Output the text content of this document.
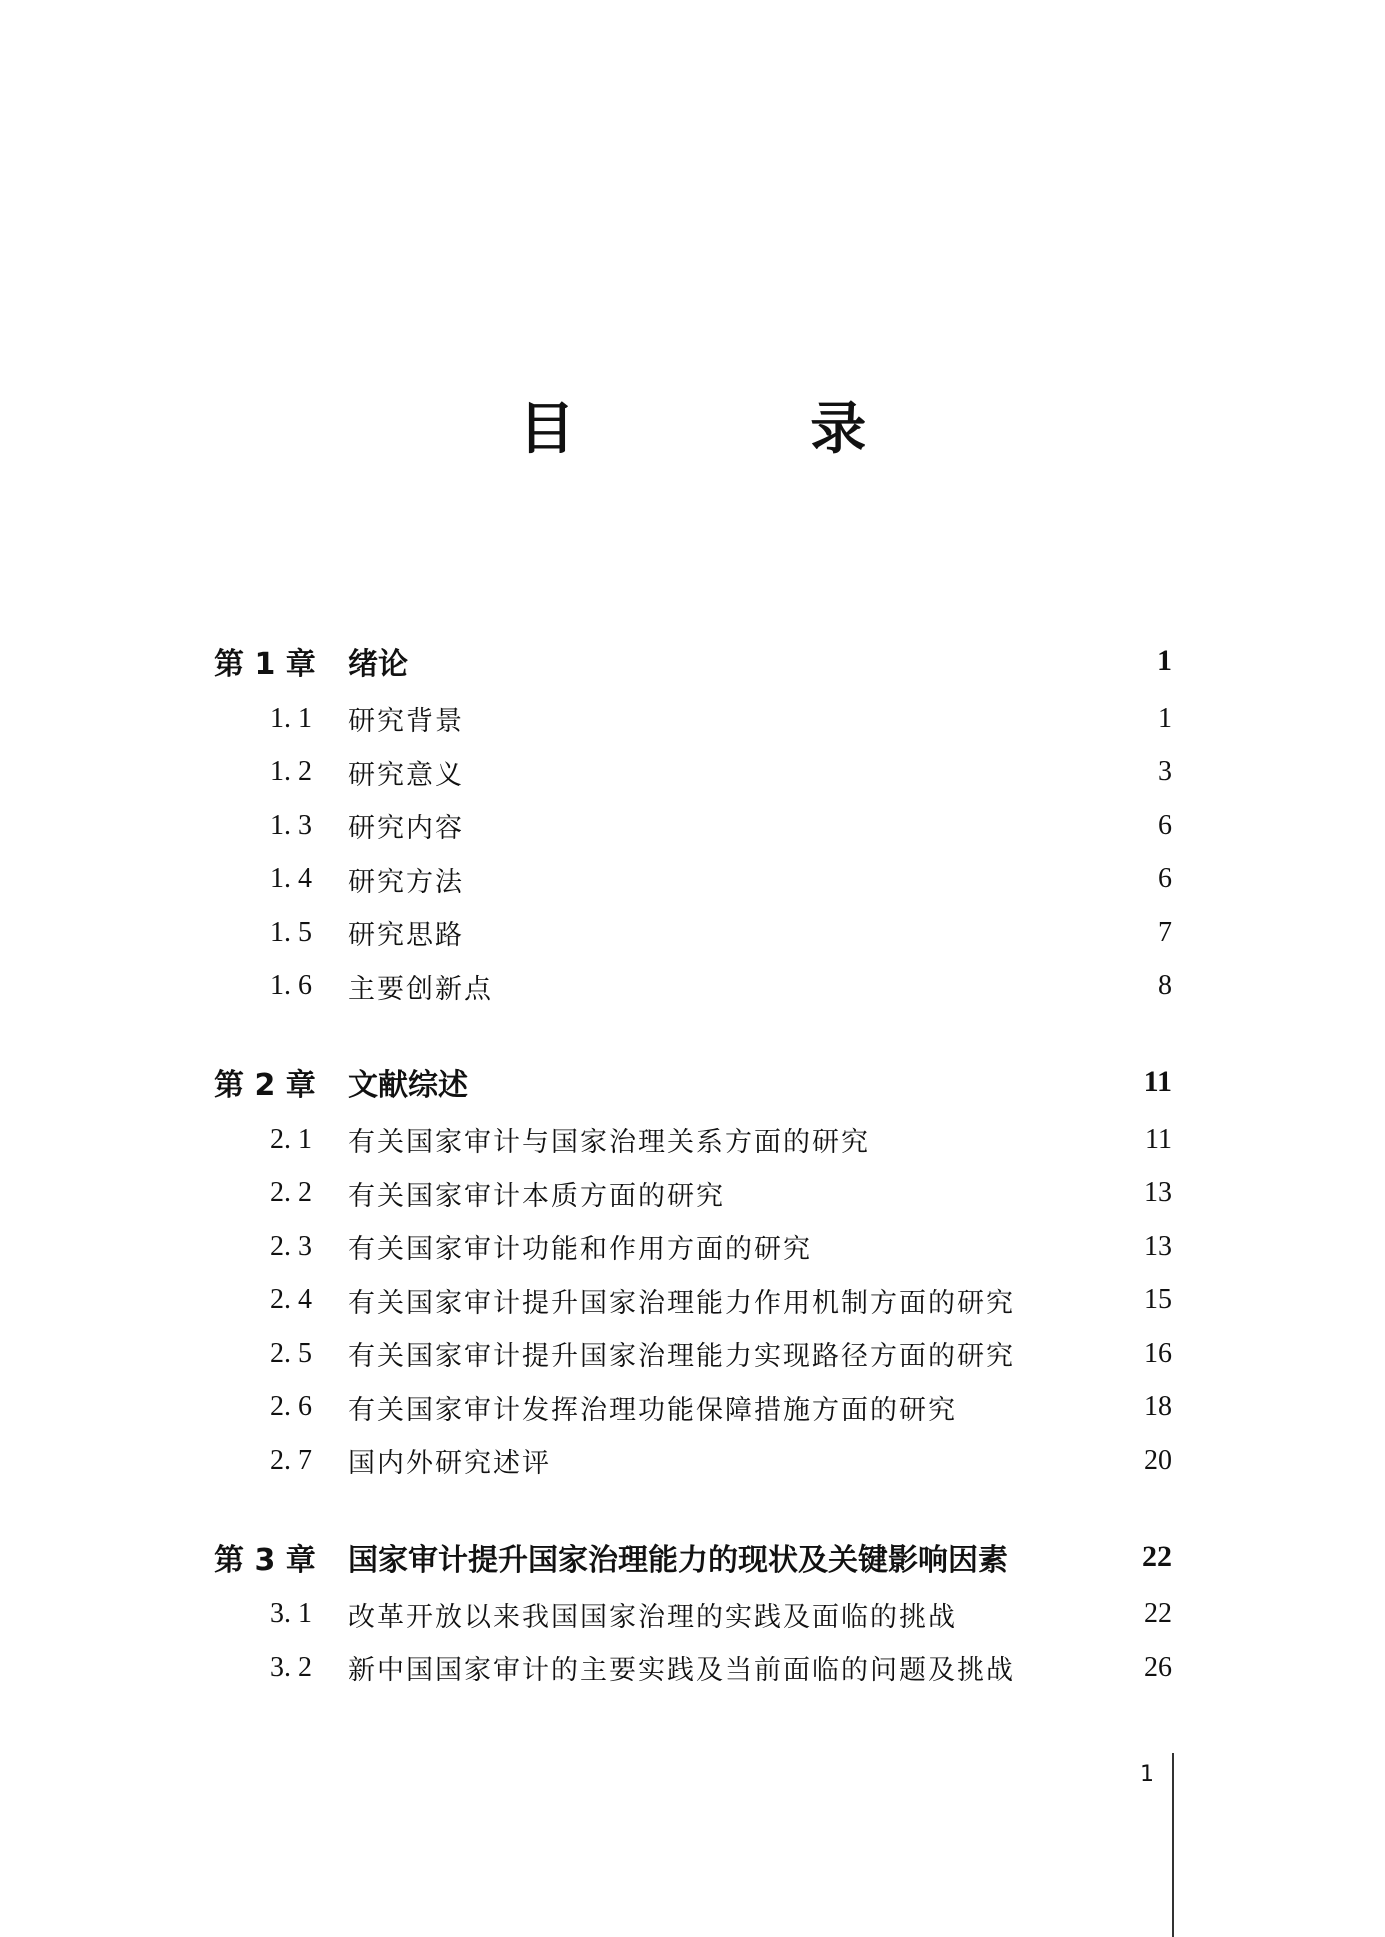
目 录
第 1 章	绪论	1
1. 1	研究背景	1
1. 2	研究意义	3
1. 3	研究内容	6
1. 4	研究方法	6
1. 5	研究思路	7
1. 6	主要创新点	8
第 2 章	文献综述	11
2. 1	有关国家审计与国家治理关系方面的研究	11
2. 2	有关国家审计本质方面的研究	13
2. 3	有关国家审计功能和作用方面的研究	13
2. 4	有关国家审计提升国家治理能力作用机制方面的研究	15
2. 5	有关国家审计提升国家治理能力实现路径方面的研究	16
2. 6	有关国家审计发挥治理功能保障措施方面的研究	18
2. 7	国内外研究述评	20
第 3 章	国家审计提升国家治理能力的现状及关键影响因素	22
3. 1	改革开放以来我国国家治理的实践及面临的挑战	22
3. 2	新中国国家审计的主要实践及当前面临的问题及挑战	26
1
